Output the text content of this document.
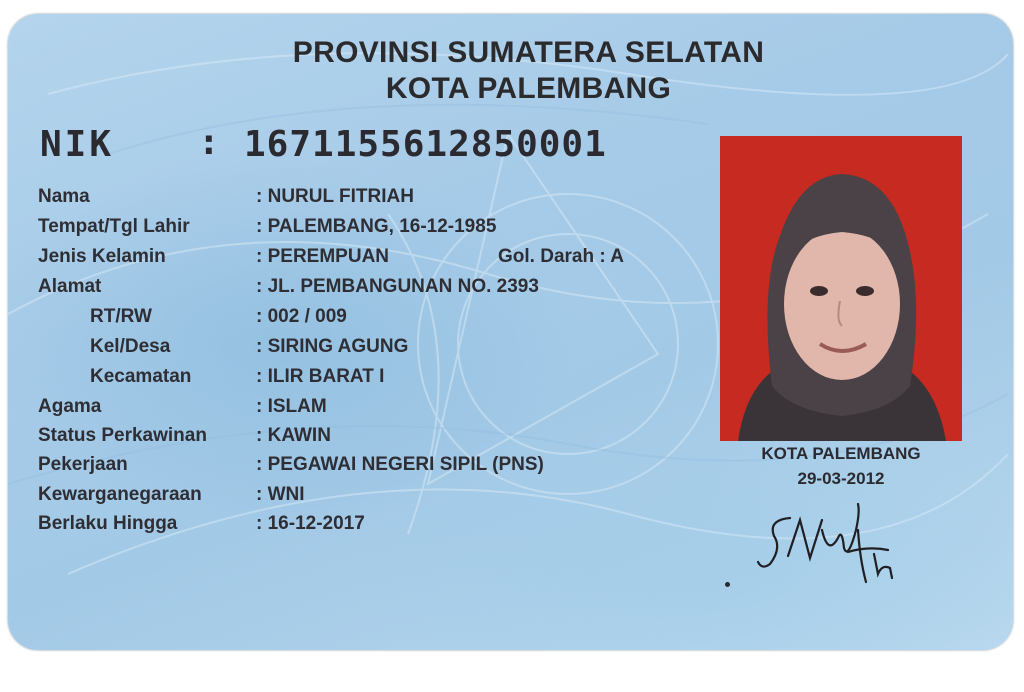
PROVINSI SUMATERA SELATAN
KOTA PALEMBANG
NIK : 1671155612850001
Nama	: NURUL FITRIAH
Tempat/Tgl Lahir	: PALEMBANG, 16-12-1985
Jenis Kelamin	: PEREMPUAN	Gol. Darah : A
Alamat	: JL. PEMBANGUNAN NO. 2393
RT/RW	: 002 / 009
Kel/Desa	: SIRING AGUNG
Kecamatan	: ILIR BARAT I
Agama	: ISLAM
Status Perkawinan	: KAWIN
Pekerjaan	: PEGAWAI NEGERI SIPIL (PNS)
Kewarganegaraan	: WNI
Berlaku Hingga	: 16-12-2017
KOTA PALEMBANG
29-03-2012
